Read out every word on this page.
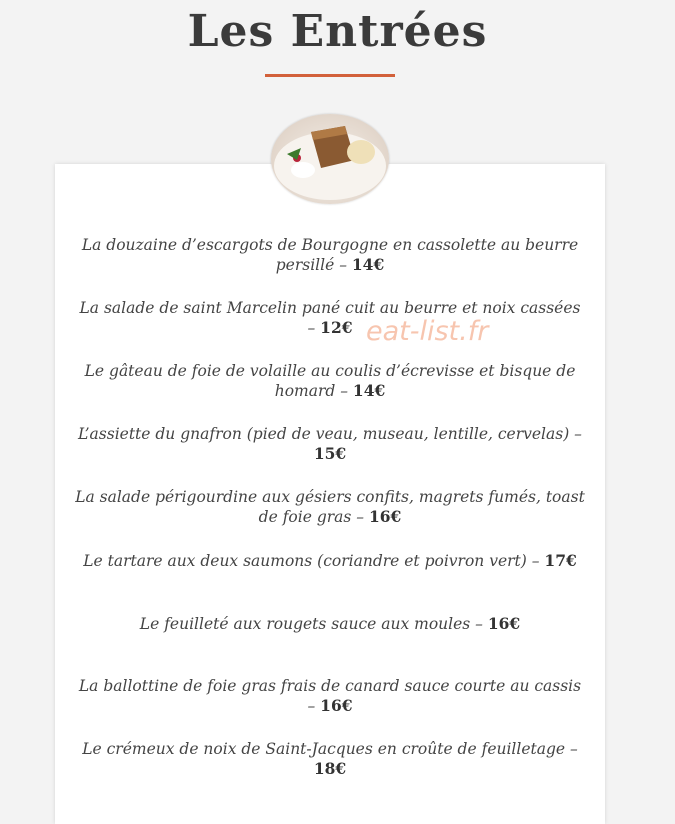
Les Entrées
La douzaine d’escargots de Bourgogne en cassolette au beurre persillé – 14€
La salade de saint Marcelin pané cuit au beurre et noix cassées – 12€
Le gâteau de foie de volaille au coulis d’écrevisse et bisque de homard – 14€
L’assiette du gnafron (pied de veau, museau, lentille, cervelas) – 15€
La salade périgourdine aux gésiers confits, magrets fumés, toast de foie gras – 16€
Le tartare aux deux saumons (coriandre et poivron vert) – 17€
Le feuilleté aux rougets sauce aux moules – 16€
La ballottine de foie gras frais de canard sauce courte au cassis – 16€
Le crémeux de noix de Saint-Jacques en croûte de feuilletage – 18€
eat-list.fr
